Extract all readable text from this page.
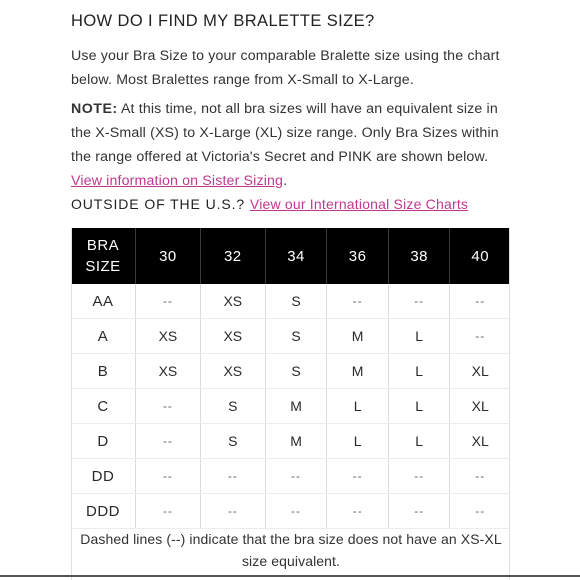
HOW DO I FIND MY BRALETTE SIZE?
Use your Bra Size to your comparable Bralette size using the chart below. Most Bralettes range from X-Small to X-Large.
NOTE: At this time, not all bra sizes will have an equivalent size in the X-Small (XS) to X-Large (XL) size range. Only Bra Sizes within the range offered at Victoria's Secret and PINK are shown below. View information on Sister Sizing.
OUTSIDE OF THE U.S.? View our International Size Charts
BRA SIZE	30	32	34	36	38	40
AA	--	XS	S	--	--	--
A	XS	XS	S	M	L	--
B	XS	XS	S	M	L	XL
C	--	S	M	L	L	XL
D	--	S	M	L	L	XL
DD	--	--	--	--	--	--
DDD	--	--	--	--	--	--
Dashed lines (--) indicate that the bra size does not have an XS-XL size equivalent.
